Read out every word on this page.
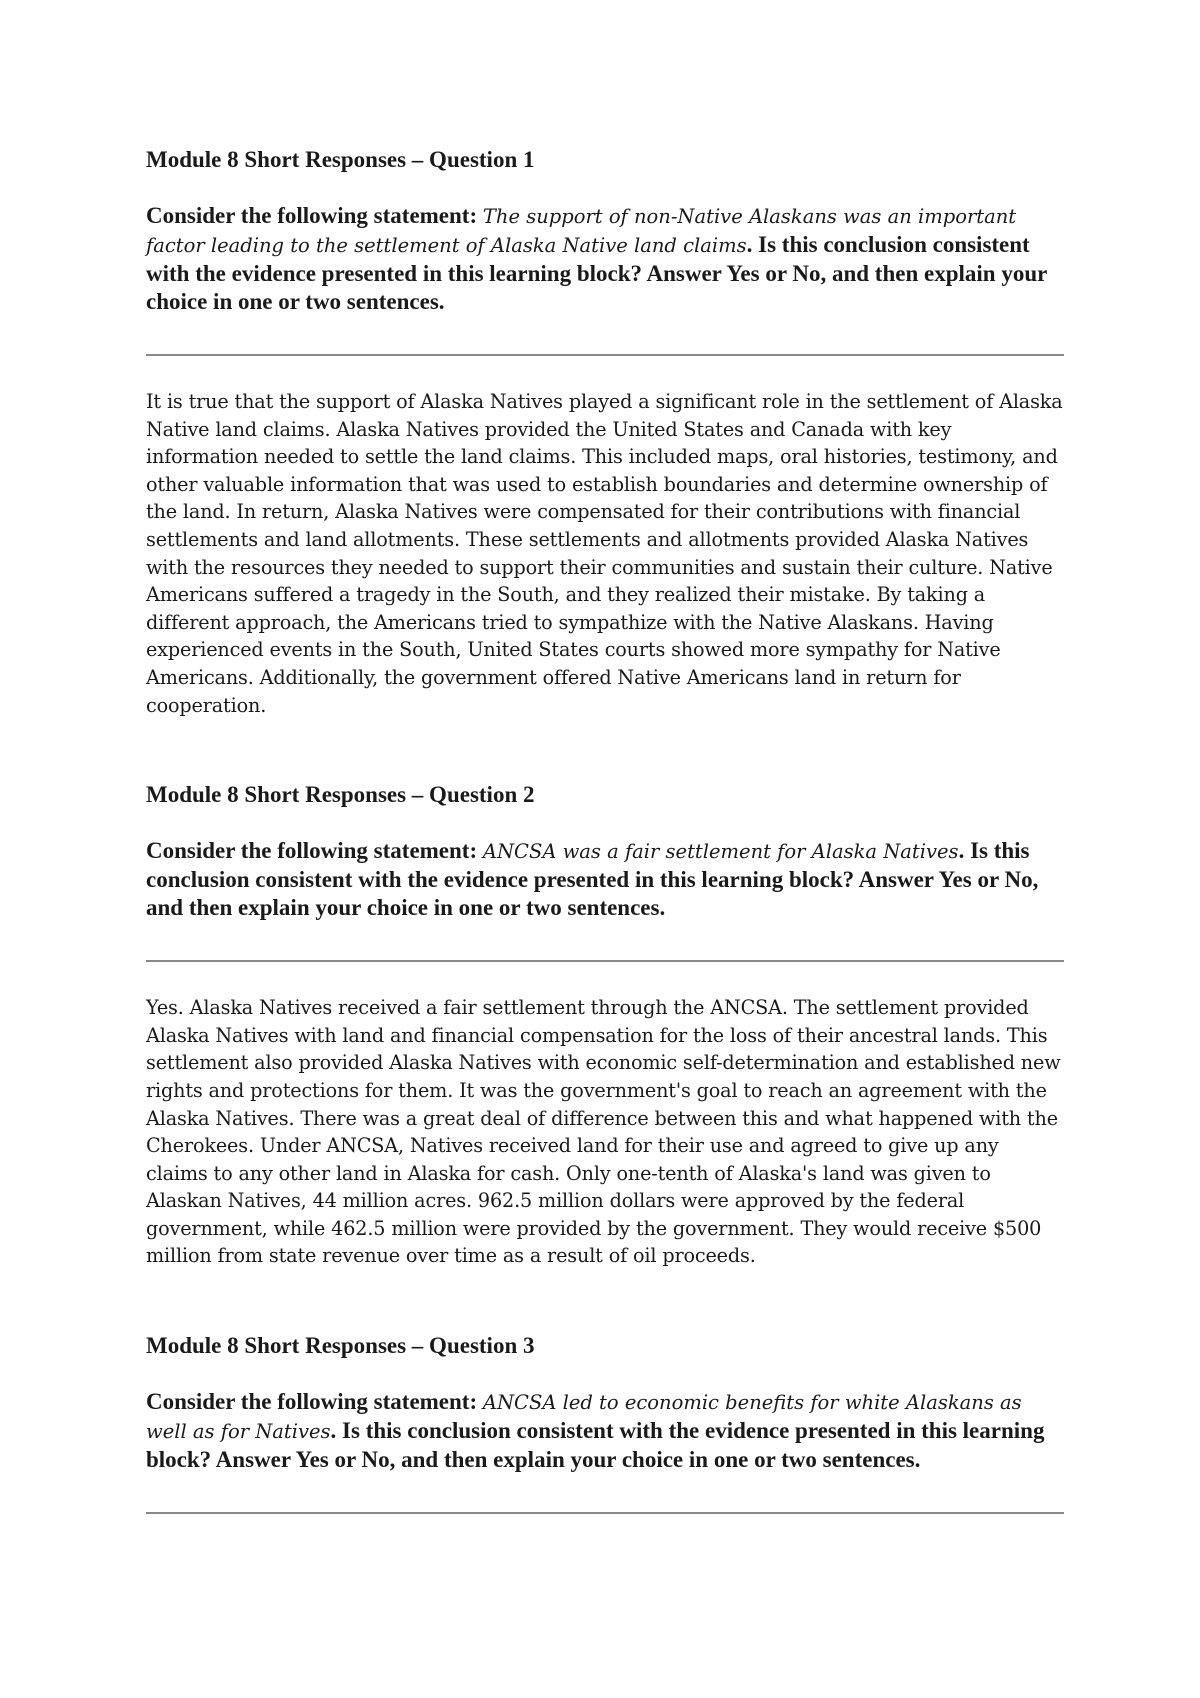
Module 8 Short Responses – Question 1

Consider the following statement: The support of non-Native Alaskans was an important factor leading to the settlement of Alaska Native land claims. Is this conclusion consistent with the evidence presented in this learning block? Answer Yes or No, and then explain your choice in one or two sentences.

It is true that the support of Alaska Natives played a significant role in the settlement of Alaska Native land claims. Alaska Natives provided the United States and Canada with key information needed to settle the land claims. This included maps, oral histories, testimony, and other valuable information that was used to establish boundaries and determine ownership of the land. In return, Alaska Natives were compensated for their contributions with financial settlements and land allotments. These settlements and allotments provided Alaska Natives with the resources they needed to support their communities and sustain their culture. Native Americans suffered a tragedy in the South, and they realized their mistake. By taking a different approach, the Americans tried to sympathize with the Native Alaskans. Having experienced events in the South, United States courts showed more sympathy for Native Americans. Additionally, the government offered Native Americans land in return for cooperation.

Module 8 Short Responses – Question 2

Consider the following statement: ANCSA was a fair settlement for Alaska Natives. Is this conclusion consistent with the evidence presented in this learning block? Answer Yes or No, and then explain your choice in one or two sentences.

Yes. Alaska Natives received a fair settlement through the ANCSA. The settlement provided Alaska Natives with land and financial compensation for the loss of their ancestral lands. This settlement also provided Alaska Natives with economic self-determination and established new rights and protections for them. It was the government's goal to reach an agreement with the Alaska Natives. There was a great deal of difference between this and what happened with the Cherokees. Under ANCSA, Natives received land for their use and agreed to give up any claims to any other land in Alaska for cash. Only one-tenth of Alaska's land was given to Alaskan Natives, 44 million acres. 962.5 million dollars were approved by the federal government, while 462.5 million were provided by the government. They would receive $500 million from state revenue over time as a result of oil proceeds.

Module 8 Short Responses – Question 3

Consider the following statement: ANCSA led to economic benefits for white Alaskans as well as for Natives. Is this conclusion consistent with the evidence presented in this learning block? Answer Yes or No, and then explain your choice in one or two sentences.
